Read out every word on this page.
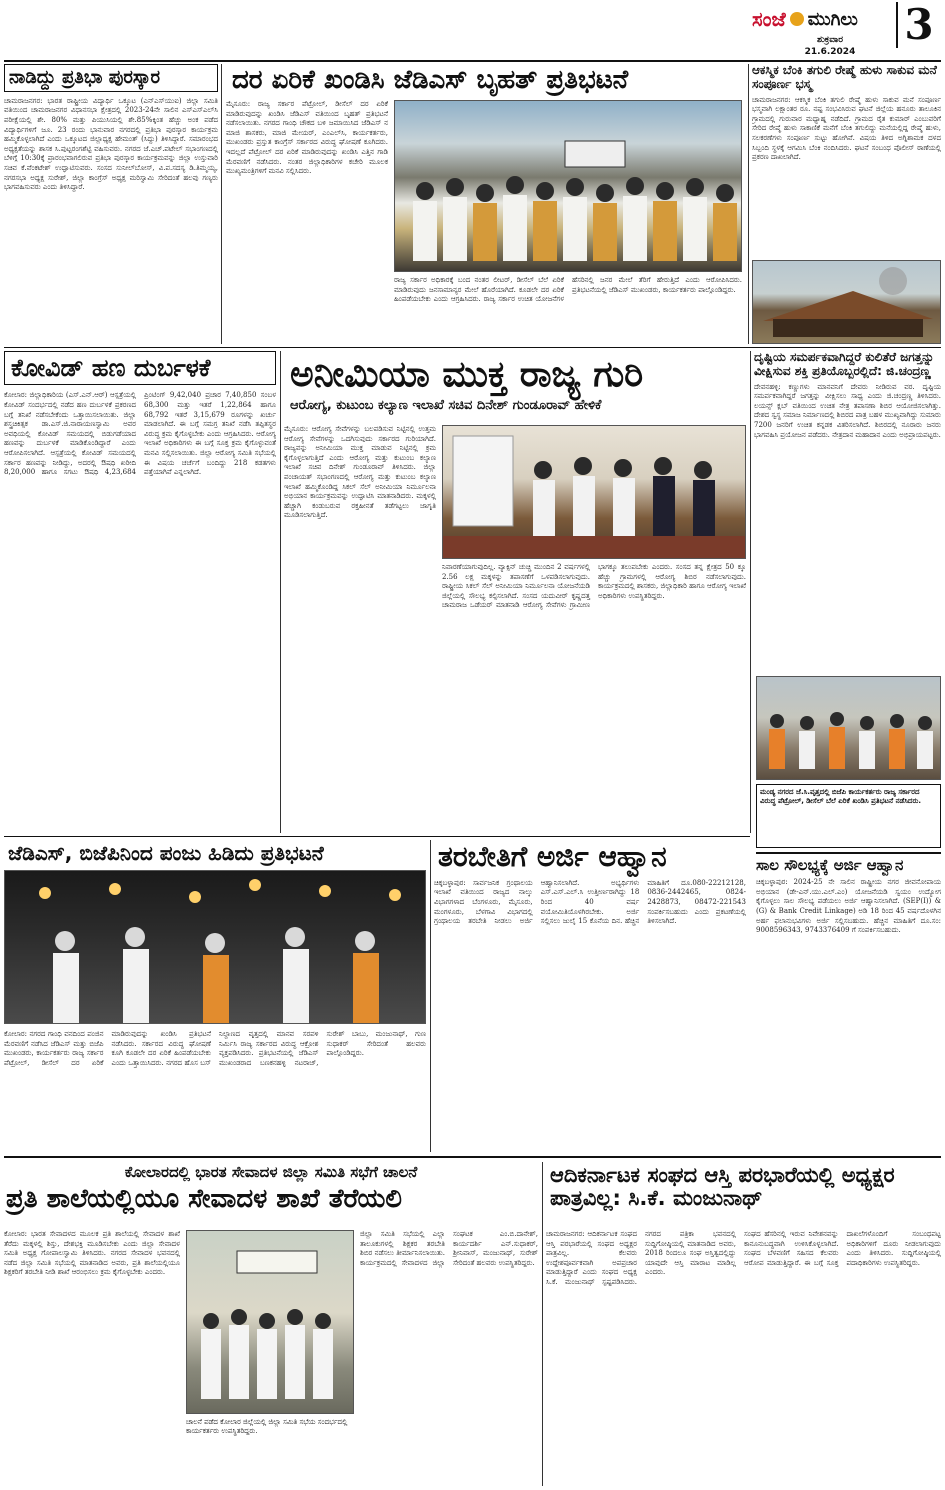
ಸಂಜೆ ಮುಗಿಲು 3
ಶುಕ್ರವಾರ
21.6.2024
ನಾಡಿದ್ದು ಪ್ರತಿಭಾ ಪುರಸ್ಕಾರ
ಚಾಮರಾಜನಗರ: ಭಾರತ ರಾಷ್ಟ್ರೀಯ ವಿದ್ಯಾರ್ಥಿ ಒಕ್ಕೂಟ (ಎನ್‌ಎಸ್‌ಯುಐ) ಜಿಲ್ಲಾ ಸಮಿತಿ ವತಿಯಿಂದ ಚಾಮರಾಜನಗರ ವಿಧಾನಸಭಾ ಕ್ಷೇತ್ರದಲ್ಲಿ 2023-24ನೇ ಸಾಲಿನ ಎಸ್‌ಎಸ್‌ಎಲ್‌ಸಿ ಪರೀಕ್ಷೆಯಲ್ಲಿ ಶೇ. 80% ಮತ್ತು ಪಿಯುಸಿಯಲ್ಲಿ ಶೇ.85%ಕ್ಕಿಂತ ಹೆಚ್ಚು ಅಂಕ ಪಡೆದ ವಿದ್ಯಾರ್ಥಿಗಳಿಗೆ ಜೂ. 23 ರಂದು ಭಾನುವಾರ ನಗರದಲ್ಲಿ ಪ್ರತಿಭಾ ಪುರಸ್ಕಾರ ಕಾರ್ಯಕ್ರಮ ಹಮ್ಮಿಕೊಳ್ಳಲಾಗಿದೆ ಎಂದು ಒಕ್ಕೂಟದ ಜಿಲ್ಲಾಧ್ಯಕ್ಷ ಹೇಮಂತ್ (ಸಿದ್ದು) ತಿಳಿಸಿದ್ದಾರೆ. ಸಮಾರಂಭದ ಅಧ್ಯಕ್ಷತೆಯನ್ನು ಶಾಸಕ ಸಿ.ಪುಟ್ಟರಂಗಶೆಟ್ಟಿ ವಹಿಸುವರು. ನಗರದ ಜೆ.ಎಚ್.ಪಟೇಲ್ ಸಭಾಂಗಣದಲ್ಲಿ ಬೆಳಿಗ್ಗೆ 10:30ಕ್ಕೆ ಪ್ರಾರಂಭವಾಗಲಿರುವ ಪ್ರತಿಭಾ ಪುರಸ್ಕಾರ ಕಾರ್ಯಕ್ರಮವನ್ನು ಜಿಲ್ಲಾ ಉಸ್ತುವಾರಿ ಸಚಿವ ಕೆ.ವೆಂಕಟೇಶ್ ಉದ್ಘಾಟಿಸುವರು. ಸಂಸದ ಸುನೀಲ್‌ಬೋಸ್, ವಿ.ಪ.ಸದಸ್ಯ ಡಿ.ತಿಮ್ಮಯ್ಯ, ನಗರಸಭಾ ಅಧ್ಯಕ್ಷ ಸುರೇಶ್, ಜಿಲ್ಲಾ ಕಾಂಗ್ರೆಸ್ ಅಧ್ಯಕ್ಷ ಮರಿಸ್ವಾಮಿ ಸೇರಿದಂತೆ ಹಲವು ಗಣ್ಯರು ಭಾಗವಹಿಸುವರು ಎಂದು ತಿಳಿಸಿದ್ದಾರೆ.
ದರ ಏರಿಕೆ ಖಂಡಿಸಿ ಜೆಡಿಎಸ್ ಬೃಹತ್ ಪ್ರತಿಭಟನೆ
ಮೈಸೂರು: ರಾಜ್ಯ ಸರ್ಕಾರ ಪೆಟ್ರೋಲ್, ಡೀಸೆಲ್ ದರ ಏರಿಕೆ ಮಾಡಿರುವುದನ್ನು ಖಂಡಿಸಿ ಜೆಡಿಎಸ್ ವತಿಯಿಂದ ಬೃಹತ್ ಪ್ರತಿಭಟನೆ ನಡೆಸಲಾಯಿತು. ನಗರದ ಗಾಂಧಿ ಚೌಕದ ಬಳಿ ಜಮಾಯಿಸಿದ ಜೆಡಿಎಸ್ ನ ಮಾಜಿ ಶಾಸಕರು, ಮಾಜಿ ಮೇಯರ್, ಎಂಎಲ್‌ಸಿ, ಕಾರ್ಯಕರ್ತರು, ಮುಖಂಡರು ಪ್ರಸ್ತುತ ಕಾಂಗ್ರೆಸ್ ಸರ್ಕಾರದ ವಿರುದ್ಧ ಘೋಷಣೆ ಕೂಗಿದರು. ಇದಲ್ಲದೆ ಪೆಟ್ರೋಲ್ ದರ ಏರಿಕೆ ಮಾಡಿರುವುದನ್ನು ಖಂಡಿಸಿ ಎತ್ತಿನ ಗಾಡಿ ಮೆರವಣಿಗೆ ನಡೆಸಿದರು. ನಂತರ ಜಿಲ್ಲಾಧಿಕಾರಿಗಳ ಕಚೇರಿ ಮೂಲಕ ಮುಖ್ಯಮಂತ್ರಿಗಳಿಗೆ ಮನವಿ ಸಲ್ಲಿಸಿದರು.
ರಾಜ್ಯ ಸರ್ಕಾರ ಅಧಿಕಾರಕ್ಕೆ ಬಂದ ನಂತರ ಲೀಟರ್, ಡೀಸೆಲ್ ಬೆಲೆ ಏರಿಕೆ ಮಾಡಿರುವುದು ಜನಸಾಮಾನ್ಯರ ಮೇಲೆ ಹೊರೆಯಾಗಿದೆ. ಕೂಡಲೇ ದರ ಏರಿಕೆ ಹಿಂಪಡೆಯಬೇಕು ಎಂದು ಆಗ್ರಹಿಸಿದರು. ರಾಜ್ಯ ಸರ್ಕಾರ ಉಚಿತ ಯೋಜನೆಗಳ ಹೆಸರಿನಲ್ಲಿ ಜನರ ಮೇಲೆ ತೆರಿಗೆ ಹೇರುತ್ತಿದೆ ಎಂದು ಆರೋಪಿಸಿದರು. ಪ್ರತಿಭಟನೆಯಲ್ಲಿ ಜೆಡಿಎಸ್ ಮುಖಂಡರು, ಕಾರ್ಯಕರ್ತರು ಪಾಲ್ಗೊಂಡಿದ್ದರು.
ಆಕಸ್ಮಿಕ ಬೆಂಕಿ ತಗುಲಿ ರೇಷ್ಮೆ ಹುಳು ಸಾಕುವ ಮನೆ ಸಂಪೂರ್ಣ ಭಸ್ಮ
ಚಾಮರಾಜನಗರ: ಆಕಸ್ಮಿಕ ಬೆಂಕಿ ತಗುಲಿ ರೇಷ್ಮೆ ಹುಳು ಸಾಕುವ ಮನೆ ಸಂಪೂರ್ಣ ಭಸ್ಮವಾಗಿ ಲಕ್ಷಾಂತರ ರೂ. ನಷ್ಟ ಸಂಭವಿಸಿರುವ ಘಟನೆ ಜಿಲ್ಲೆಯ ಹನೂರು ತಾಲೂಕಿನ ಗ್ರಾಮದಲ್ಲಿ ಗುರುವಾರ ಮಧ್ಯಾಹ್ನ ನಡೆದಿದೆ. ಗ್ರಾಮದ ರೈತ ಕುಮಾರ್ ಎಂಬುವರಿಗೆ ಸೇರಿದ ರೇಷ್ಮೆ ಹುಳು ಸಾಕಾಣಿಕೆ ಮನೆಗೆ ಬೆಂಕಿ ತಗುಲಿದ್ದು ಮನೆಯಲ್ಲಿದ್ದ ರೇಷ್ಮೆ ಹುಳು, ಸಲಕರಣೆಗಳು ಸಂಪೂರ್ಣ ಸುಟ್ಟು ಹೋಗಿವೆ. ವಿಷಯ ತಿಳಿದ ಅಗ್ನಿಶಾಮಕ ದಳದ ಸಿಬ್ಬಂದಿ ಸ್ಥಳಕ್ಕೆ ಆಗಮಿಸಿ ಬೆಂಕಿ ನಂದಿಸಿದರು. ಘಟನೆ ಸಂಬಂಧ ಪೊಲೀಸ್ ಠಾಣೆಯಲ್ಲಿ ಪ್ರಕರಣ ದಾಖಲಾಗಿದೆ.
ಕೋವಿಡ್ ಹಣ ದುರ್ಬಳಕೆ
ಕೋಲಾರ: ಜಿಲ್ಲಾಧಿಕಾರಿಯ (ಎಸ್.ಎನ್.ಆರ್) ಆಸ್ಪತ್ರೆಯಲ್ಲಿ ಕೋವಿಡ್ ಸಂದರ್ಭದಲ್ಲಿ ನಡೆದ ಹಣ ದುರ್ಬಳಕೆ ಪ್ರಕರಣದ ಬಗ್ಗೆ ತನಿಖೆ ನಡೆಸಬೇಕೆಂದು ಒತ್ತಾಯಿಸಲಾಯಿತು. ಜಿಲ್ಲಾ ಶಸ್ತ್ರಚಿಕಿತ್ಸಕ ಡಾ.ಎಸ್.ಜಿ.ನಾರಾಯಣಸ್ವಾಮಿ ಅವರ ಅವಧಿಯಲ್ಲಿ ಕೋವಿಡ್ ಸಮಯದಲ್ಲಿ ಬಿಡುಗಡೆಯಾದ ಹಣವನ್ನು ದುರ್ಬಳಕೆ ಮಾಡಿಕೊಂಡಿದ್ದಾರೆ ಎಂದು ಆರೋಪಿಸಲಾಗಿದೆ. ಆಸ್ಪತ್ರೆಯಲ್ಲಿ ಕೋವಿಡ್ ಸಮಯದಲ್ಲಿ ಸರ್ಕಾರ ಹಣವನ್ನು ನೀಡಿದ್ದು, ಅದರಲ್ಲಿ ಔಷಧಿ ಖರೀದಿ 8,20,000 ಹಾಗೂ ಸಗಟು ಔಷಧಿ 4,23,684 ಪ್ರಿಂಟಿಂಗ್ 9,42,040 ಪ್ರಚಾರ 7,40,850 ಸಂಬಳ 68,300 ಮತ್ತು ಇತರೆ 1,22,864 ಹಾಗೂ 68,792 ಇತರೆ 3,15,679 ರೂಗಳನ್ನು ಖರ್ಚು ಮಾಡಲಾಗಿದೆ. ಈ ಬಗ್ಗೆ ಸಮಗ್ರ ತನಿಖೆ ನಡೆಸಿ ತಪ್ಪಿತಸ್ಥರ ವಿರುದ್ಧ ಕ್ರಮ ಕೈಗೊಳ್ಳಬೇಕು ಎಂದು ಆಗ್ರಹಿಸಿದರು. ಆರೋಗ್ಯ ಇಲಾಖೆ ಅಧಿಕಾರಿಗಳು ಈ ಬಗ್ಗೆ ಸೂಕ್ತ ಕ್ರಮ ಕೈಗೊಳ್ಳುವಂತೆ ಮನವಿ ಸಲ್ಲಿಸಲಾಯಿತು. ಜಿಲ್ಲಾ ಆರೋಗ್ಯ ಸಮಿತಿ ಸಭೆಯಲ್ಲಿ ಈ ವಿಷಯ ಚರ್ಚೆಗೆ ಬಂದಿದ್ದು 218 ಕಡತಗಳು ಪತ್ತೆಯಾಗಿವೆ ಎನ್ನಲಾಗಿದೆ.
ಅನೀಮಿಯಾ ಮುಕ್ತ ರಾಜ್ಯ ಗುರಿ
ಆರೋಗ್ಯ, ಕುಟುಂಬ ಕಲ್ಯಾಣ ಇಲಾಖೆ ಸಚಿವ ದಿನೇಶ್ ಗುಂಡೂರಾವ್ ಹೇಳಿಕೆ
ಮೈಸೂರು: ಆರೋಗ್ಯ ಸೇವೆಗಳನ್ನು ಬಲಪಡಿಸುವ ನಿಟ್ಟಿನಲ್ಲಿ ಉತ್ತಮ ಆರೋಗ್ಯ ಸೇವೆಗಳನ್ನು ಒದಗಿಸುವುದು ಸರ್ಕಾರದ ಗುರಿಯಾಗಿದೆ. ರಾಜ್ಯವನ್ನು ಅನೀಮಿಯಾ ಮುಕ್ತ ಮಾಡುವ ನಿಟ್ಟಿನಲ್ಲಿ ಕ್ರಮ ಕೈಗೊಳ್ಳಲಾಗುತ್ತಿದೆ ಎಂದು ಆರೋಗ್ಯ ಮತ್ತು ಕುಟುಂಬ ಕಲ್ಯಾಣ ಇಲಾಖೆ ಸಚಿವ ದಿನೇಶ್ ಗುಂಡೂರಾವ್ ತಿಳಿಸಿದರು. ಜಿಲ್ಲಾ ಪಂಚಾಯತ್ ಸಭಾಂಗಣದಲ್ಲಿ ಆರೋಗ್ಯ ಮತ್ತು ಕುಟುಂಬ ಕಲ್ಯಾಣ ಇಲಾಖೆ ಹಮ್ಮಿಕೊಂಡಿದ್ದ ಸಿಕಲ್ ಸೆಲ್ ಅನೀಮಿಯಾ ನಿರ್ಮೂಲನಾ ಅಭಿಯಾನ ಕಾರ್ಯಕ್ರಮವನ್ನು ಉದ್ಘಾಟಿಸಿ ಮಾತನಾಡಿದರು. ಮಕ್ಕಳಲ್ಲಿ ಹೆಚ್ಚಾಗಿ ಕಂಡುಬರುವ ರಕ್ತಹೀನತೆ ತಡೆಗಟ್ಟಲು ಜಾಗೃತಿ ಮೂಡಿಸಲಾಗುತ್ತಿದೆ.
ನಿವಾರಣೆಯಾಗುವುದಿಲ್ಲ. ವ್ಯಾಕ್ಸಿನ್ ಚುಚ್ಚಿ ಮುಂದಿನ 2 ವರ್ಷಗಳಲ್ಲಿ 2.56 ಲಕ್ಷ ಮಕ್ಕಳನ್ನು ತಪಾಸಣೆಗೆ ಒಳಪಡಿಸಲಾಗುವುದು. ರಾಷ್ಟ್ರೀಯ ಸಿಕಲ್ ಸೆಲ್ ಅನೀಮಿಯಾ ನಿರ್ಮೂಲನಾ ಯೋಜನೆಯಡಿ ಜಿಲ್ಲೆಯಲ್ಲಿ ಸೌಲಭ್ಯ ಕಲ್ಪಿಸಲಾಗಿದೆ. ಸಂಸದ ಯದುವೀರ್ ಕೃಷ್ಣದತ್ತ ಚಾಮರಾಜ ಒಡೆಯರ್ ಮಾತನಾಡಿ ಆರೋಗ್ಯ ಸೇವೆಗಳು ಗ್ರಾಮೀಣ ಭಾಗಕ್ಕೂ ತಲುಪಬೇಕು ಎಂದರು. ಸಂಸದ ತನ್ನ ಕ್ಷೇತ್ರದ 50 ಕ್ಕೂ ಹೆಚ್ಚು ಗ್ರಾಮಗಳಲ್ಲಿ ಆರೋಗ್ಯ ಶಿಬಿರ ನಡೆಸಲಾಗುವುದು. ಕಾರ್ಯಕ್ರಮದಲ್ಲಿ ಶಾಸಕರು, ಜಿಲ್ಲಾಧಿಕಾರಿ ಹಾಗೂ ಆರೋಗ್ಯ ಇಲಾಖೆ ಅಧಿಕಾರಿಗಳು ಉಪಸ್ಥಿತರಿದ್ದರು.
ದೃಷ್ಟಿಯ ಸಮರ್ಪಕವಾಗಿದ್ದರೆ ಕುಲಿತೆರೆ ಜಗತ್ತನ್ನು ವೀಕ್ಷಿಸುವ ಶಕ್ತಿ ಪ್ರತಿಯೊಬ್ಬರಲ್ಲಿದೆ: ಜಿ.ಚಂದ್ರಣ್ಣ
ದೇವನಹಳ್ಳಿ: ಕಣ್ಣುಗಳು ಮಾನವನಿಗೆ ದೇವರು ನೀಡಿರುವ ವರ. ದೃಷ್ಟಿಯ ಸಮರ್ಪಕವಾಗಿದ್ದರೆ ಜಗತ್ತನ್ನು ವೀಕ್ಷಿಸಲು ಸಾಧ್ಯ ಎಂದು ಜಿ.ಚಂದ್ರಣ್ಣ ತಿಳಿಸಿದರು. ಲಯನ್ಸ್ ಕ್ಲಬ್ ವತಿಯಿಂದ ಉಚಿತ ನೇತ್ರ ತಪಾಸಣಾ ಶಿಬಿರ ಆಯೋಜಿಸಲಾಗಿತ್ತು. ದೇಶದ ಸ್ವಸ್ಥ ಸಮಾಜ ನಿರ್ಮಾಣದಲ್ಲಿ ಶಿಬಿರದ ಪಾತ್ರ ಬಹಳ ಮುಖ್ಯವಾಗಿದ್ದು ಸುಮಾರು 7200 ಜನರಿಗೆ ಉಚಿತ ಕನ್ನಡಕ ವಿತರಿಸಲಾಗಿದೆ. ಶಿಬಿರದಲ್ಲಿ ನೂರಾರು ಜನರು ಭಾಗವಹಿಸಿ ಪ್ರಯೋಜನ ಪಡೆದರು. ನೇತ್ರದಾನ ಮಹಾದಾನ ಎಂದು ಅಭಿಪ್ರಾಯಪಟ್ಟರು.
ಜೆಡಿಎಸ್, ಬಿಜೆಪಿನಿಂದ ಪಂಜು ಹಿಡಿದು ಪ್ರತಿಭಟನೆ
ಕೋಲಾರ: ನಗರದ ಗಾಂಧಿ ವನದಿಂದ ಪಂಜಿನ ಮೆರವಣಿಗೆ ನಡೆಸಿದ ಜೆಡಿಎಸ್ ಮತ್ತು ಬಿಜೆಪಿ ಮುಖಂಡರು, ಕಾರ್ಯಕರ್ತರು ರಾಜ್ಯ ಸರ್ಕಾರ ಪೆಟ್ರೋಲ್, ಡೀಸೆಲ್ ದರ ಏರಿಕೆ ಮಾಡಿರುವುದನ್ನು ಖಂಡಿಸಿ ಪ್ರತಿಭಟನೆ ನಡೆಸಿದರು. ಸರ್ಕಾರದ ವಿರುದ್ಧ ಘೋಷಣೆ ಕೂಗಿ ಕೂಡಲೇ ದರ ಏರಿಕೆ ಹಿಂಪಡೆಯಬೇಕು ಎಂದು ಒತ್ತಾಯಿಸಿದರು. ನಗರದ ಹೊಸ ಬಸ್ ನಿಲ್ದಾಣದ ವೃತ್ತದಲ್ಲಿ ಮಾನವ ಸರಪಳಿ ನಿರ್ಮಿಸಿ ರಾಜ್ಯ ಸರ್ಕಾರದ ವಿರುದ್ಧ ಆಕ್ರೋಶ ವ್ಯಕ್ತಪಡಿಸಿದರು. ಪ್ರತಿಭಟನೆಯಲ್ಲಿ ಜೆಡಿಎಸ್ ಮುಖಂಡರಾದ ಬಣಕನಹಳ್ಳಿ ನಟರಾಜ್, ಸುರೇಶ್ ಬಾಬು, ಮಂಜುನಾಥ್, ಗುಣ ಸುಧಾಕರ್ ಸೇರಿದಂತೆ ಹಲವರು ಪಾಲ್ಗೊಂಡಿದ್ದರು.
ತರಬೇತಿಗೆ ಅರ್ಜಿ ಆಹ್ವಾನ
ಚಿಕ್ಕಬಳ್ಳಾಪುರ: ಸಾರ್ವಜನಿಕ ಗ್ರಂಥಾಲಯ ಇಲಾಖೆ ವತಿಯಿಂದ ರಾಜ್ಯದ ನಾಲ್ಕು ವಿಭಾಗಗಳಾದ ಬೆಂಗಳೂರು, ಮೈಸೂರು, ಮಂಗಳೂರು, ಬೆಳಗಾವಿ ವಿಭಾಗದಲ್ಲಿ ಗ್ರಂಥಾಲಯ ತರಬೇತಿ ನೀಡಲು ಅರ್ಜಿ ಆಹ್ವಾನಿಸಲಾಗಿದೆ. ಅಭ್ಯರ್ಥಿಗಳು ಎಸ್.ಎಸ್.ಎಲ್.ಸಿ ಉತ್ತೀರ್ಣರಾಗಿದ್ದು 18 ರಿಂದ 40 ವರ್ಷ ವಯೋಮಿತಿಯೊಳಗಿರಬೇಕು. ಅರ್ಜಿ ಸಲ್ಲಿಸಲು ಜುಲೈ 15 ಕೊನೆಯ ದಿನ. ಹೆಚ್ಚಿನ ಮಾಹಿತಿಗೆ ದೂ.080-22212128, 0836-2442465, 0824-2428873, 08472-221543 ಸಂಪರ್ಕಿಸಬಹುದು ಎಂದು ಪ್ರಕಟಣೆಯಲ್ಲಿ ತಿಳಿಸಲಾಗಿದೆ.
ಮಂಡ್ಯ ನಗರದ ಜೆ.ಸಿ.ವೃತ್ತದಲ್ಲಿ ಬಿಜೆಪಿ ಕಾರ್ಯಕರ್ತರು ರಾಜ್ಯ ಸರ್ಕಾರದ ವಿರುದ್ಧ ಪೆಟ್ರೋಲ್, ಡೀಸೆಲ್ ಬೆಲೆ ಏರಿಕೆ ಖಂಡಿಸಿ ಪ್ರತಿಭಟನೆ ನಡೆಸಿದರು.
ಸಾಲ ಸೌಲಭ್ಯಕ್ಕೆ ಅರ್ಜಿ ಆಹ್ವಾನ
ಚಿಕ್ಕಬಳ್ಳಾಪುರ: 2024-25 ನೇ ಸಾಲಿನ ರಾಷ್ಟ್ರೀಯ ನಗರ ಜೀವನೋಪಾಯ ಅಭಿಯಾನ (ಡೇ-ಎನ್.ಯು.ಎಲ್.ಎಂ) ಯೋಜನೆಯಡಿ ಸ್ವಯಂ ಉದ್ಯೋಗ ಕೈಗೊಳ್ಳಲು ಸಾಲ ಸೌಲಭ್ಯ ಪಡೆಯಲು ಅರ್ಜಿ ಆಹ್ವಾನಿಸಲಾಗಿದೆ. (SEP(I)) & (G) & Bank Credit Linkage) ಅಡಿ 18 ರಿಂದ 45 ವರ್ಷದೊಳಗಿನ ಅರ್ಹ ಫಲಾನುಭವಿಗಳು ಅರ್ಜಿ ಸಲ್ಲಿಸಬಹುದು. ಹೆಚ್ಚಿನ ಮಾಹಿತಿಗೆ ದೂ.ಸಂ: 9008596343, 9743376409 ಗೆ ಸಂಪರ್ಕಿಸಬಹುದು.
ಕೋಲಾರದಲ್ಲಿ ಭಾರತ ಸೇವಾದಳ ಜಿಲ್ಲಾ ಸಮಿತಿ ಸಭೆಗೆ ಚಾಲನೆ
ಪ್ರತಿ ಶಾಲೆಯಲ್ಲಿಯೂ ಸೇವಾದಳ ಶಾಖೆ ತೆರೆಯಲಿ
ಕೋಲಾರ: ಭಾರತ ಸೇವಾದಳದ ಮೂಲಕ ಪ್ರತಿ ಶಾಲೆಯಲ್ಲಿ ಸೇವಾದಳ ಶಾಖೆ ತೆರೆದು ಮಕ್ಕಳಲ್ಲಿ ಶಿಸ್ತು, ದೇಶಭಕ್ತಿ ಮೂಡಿಸಬೇಕು ಎಂದು ಜಿಲ್ಲಾ ಸೇವಾದಳ ಸಮಿತಿ ಅಧ್ಯಕ್ಷ ಗೋಪಾಲಸ್ವಾಮಿ ತಿಳಿಸಿದರು. ನಗರದ ಸೇವಾದಳ ಭವನದಲ್ಲಿ ನಡೆದ ಜಿಲ್ಲಾ ಸಮಿತಿ ಸಭೆಯಲ್ಲಿ ಮಾತನಾಡಿದ ಅವರು, ಪ್ರತಿ ಶಾಲೆಯಲ್ಲಿಯೂ ಶಿಕ್ಷಕರಿಗೆ ತರಬೇತಿ ನೀಡಿ ಶಾಖೆ ಆರಂಭಿಸಲು ಕ್ರಮ ಕೈಗೊಳ್ಳಬೇಕು ಎಂದರು.
ಚಾಲನೆ ಪಡೆದ ಕೋಲಾರ ಜಿಲ್ಲೆಯಲ್ಲಿ ಜಿಲ್ಲಾ ಸಮಿತಿ ಸಭೆಯ ಸಂದರ್ಭದಲ್ಲಿ ಕಾರ್ಯಕರ್ತರು ಉಪಸ್ಥಿತರಿದ್ದರು.
ಜಿಲ್ಲಾ ಸಮಿತಿ ಸಭೆಯಲ್ಲಿ ಎಲ್ಲಾ ತಾಲೂಕುಗಳಲ್ಲಿ ಶಿಕ್ಷಕರ ತರಬೇತಿ ಶಿಬಿರ ನಡೆಸಲು ತೀರ್ಮಾನಿಸಲಾಯಿತು. ಕಾರ್ಯಕ್ರಮದಲ್ಲಿ ಸೇವಾದಳದ ಜಿಲ್ಲಾ ಸಂಘಟಕ ಎಂ.ಬಿ.ದಾನೇಶ್, ಕಾರ್ಯದರ್ಶಿ ಎನ್.ಸುಧಾಕರ್, ಶ್ರೀನಿವಾಸ್, ಮಂಜುನಾಥ್, ಸುರೇಶ್ ಸೇರಿದಂತೆ ಹಲವರು ಉಪಸ್ಥಿತರಿದ್ದರು.
ಆದಿಕರ್ನಾಟಕ ಸಂಘದ ಆಸ್ತಿ ಪರಭಾರೆಯಲ್ಲಿ ಅಧ್ಯಕ್ಷರ ಪಾತ್ರವಿಲ್ಲ: ಸಿ.ಕೆ. ಮಂಜುನಾಥ್
ಚಾಮರಾಜನಗರ: ಆದಿಕರ್ನಾಟಕ ಸಂಘದ ಆಸ್ತಿ ಪರಭಾರೆಯಲ್ಲಿ ಸಂಘದ ಅಧ್ಯಕ್ಷರ ಪಾತ್ರವಿಲ್ಲ. ಕೆಲವರು ಉದ್ದೇಶಪೂರ್ವಕವಾಗಿ ಅಪಪ್ರಚಾರ ಮಾಡುತ್ತಿದ್ದಾರೆ ಎಂದು ಸಂಘದ ಅಧ್ಯಕ್ಷ ಸಿ.ಕೆ. ಮಂಜುನಾಥ್ ಸ್ಪಷ್ಟಪಡಿಸಿದರು. ನಗರದ ಪತ್ರಿಕಾ ಭವನದಲ್ಲಿ ಸುದ್ದಿಗೋಷ್ಠಿಯಲ್ಲಿ ಮಾತನಾಡಿದ ಅವರು, 2018 ರಿಂದಲೂ ಸಂಘ ಅಸ್ತಿತ್ವದಲ್ಲಿದ್ದು ಯಾವುದೇ ಆಸ್ತಿ ಮಾರಾಟ ಮಾಡಿಲ್ಲ ಎಂದರು.
ಸಂಘದ ಹೆಸರಿನಲ್ಲಿ ಇರುವ ನಿವೇಶನವನ್ನು ಕಾನೂನುಬದ್ಧವಾಗಿ ಉಳಿಸಿಕೊಳ್ಳಲಾಗಿದೆ. ಸಂಘದ ಬೆಳವಣಿಗೆ ಸಹಿಸದ ಕೆಲವರು ಆರೋಪ ಮಾಡುತ್ತಿದ್ದಾರೆ. ಈ ಬಗ್ಗೆ ಸೂಕ್ತ ದಾಖಲೆಗಳೊಂದಿಗೆ ಸಂಬಂಧಪಟ್ಟ ಅಧಿಕಾರಿಗಳಿಗೆ ದೂರು ನೀಡಲಾಗುವುದು ಎಂದು ತಿಳಿಸಿದರು. ಸುದ್ದಿಗೋಷ್ಠಿಯಲ್ಲಿ ಪದಾಧಿಕಾರಿಗಳು ಉಪಸ್ಥಿತರಿದ್ದರು.
